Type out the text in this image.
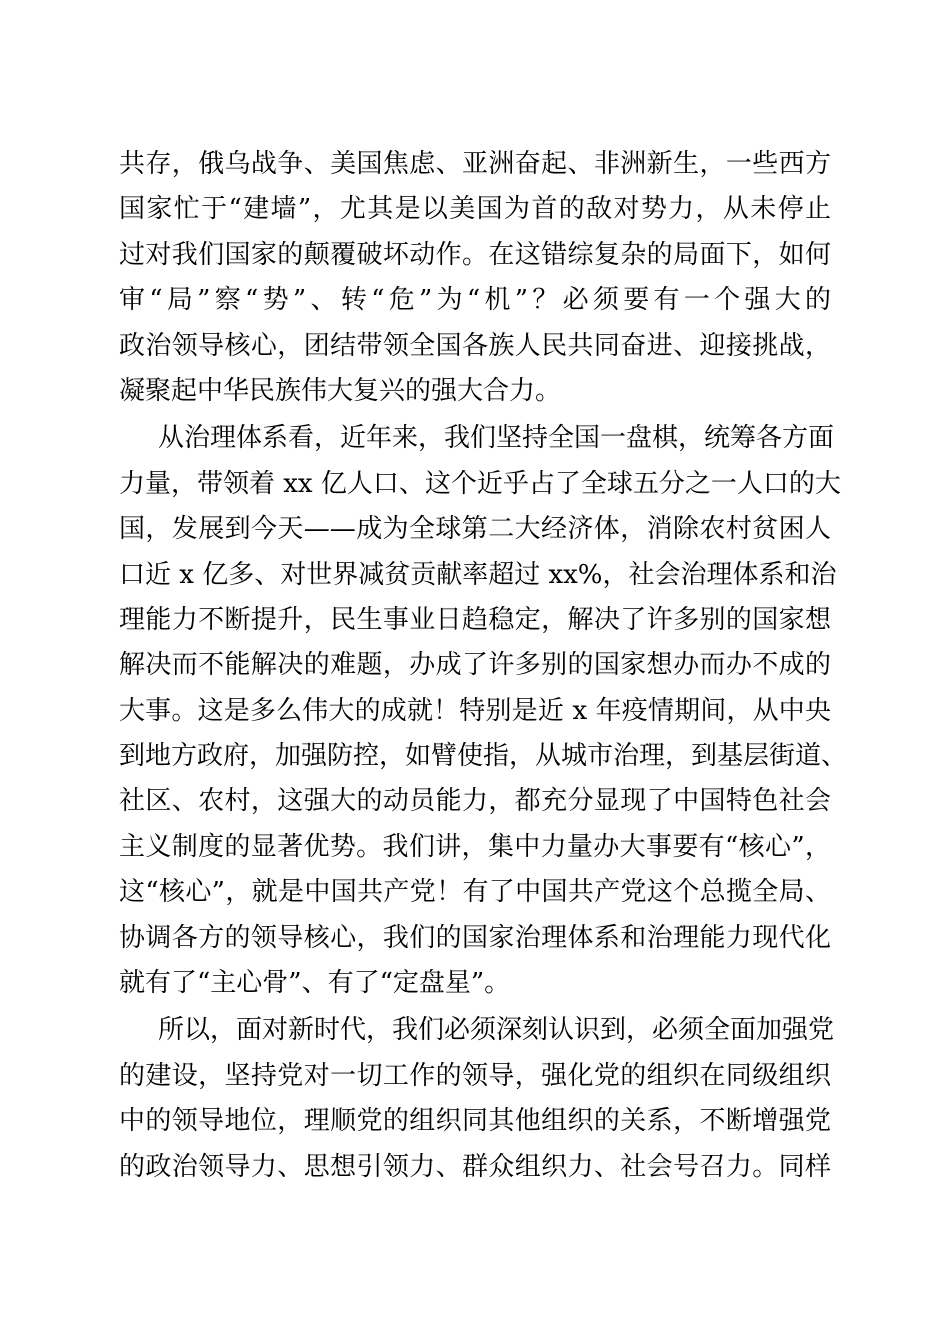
共存，俄乌战争、美国焦虑、亚洲奋起、非洲新生，一些西方
国家忙于“建墙”，尤其是以美国为首的敌对势力，从未停止
过对我们国家的颠覆破坏动作。在这错综复杂的局面下，如何
审“局”察“势”、转“危”为“机”？必须要有一个强大的
政治领导核心，团结带领全国各族人民共同奋进、迎接挑战，
凝聚起中华民族伟大复兴的强大合力。
从治理体系看，近年来，我们坚持全国一盘棋，统筹各方面
力量，带领着 xx 亿人口、这个近乎占了全球五分之一人口的大
国，发展到今天——成为全球第二大经济体，消除农村贫困人
口近 x 亿多、对世界减贫贡献率超过 xx%，社会治理体系和治
理能力不断提升，民生事业日趋稳定，解决了许多别的国家想
解决而不能解决的难题，办成了许多别的国家想办而办不成的
大事。这是多么伟大的成就！特别是近 x 年疫情期间，从中央
到地方政府，加强防控，如臂使指，从城市治理，到基层街道、
社区、农村，这强大的动员能力，都充分显现了中国特色社会
主义制度的显著优势。我们讲，集中力量办大事要有“核心”，
这“核心”，就是中国共产党！有了中国共产党这个总揽全局、
协调各方的领导核心，我们的国家治理体系和治理能力现代化
就有了“主心骨”、有了“定盘星”。
所以，面对新时代，我们必须深刻认识到，必须全面加强党
的建设，坚持党对一切工作的领导，强化党的组织在同级组织
中的领导地位，理顺党的组织同其他组织的关系，不断增强党
的政治领导力、思想引领力、群众组织力、社会号召力。同样
